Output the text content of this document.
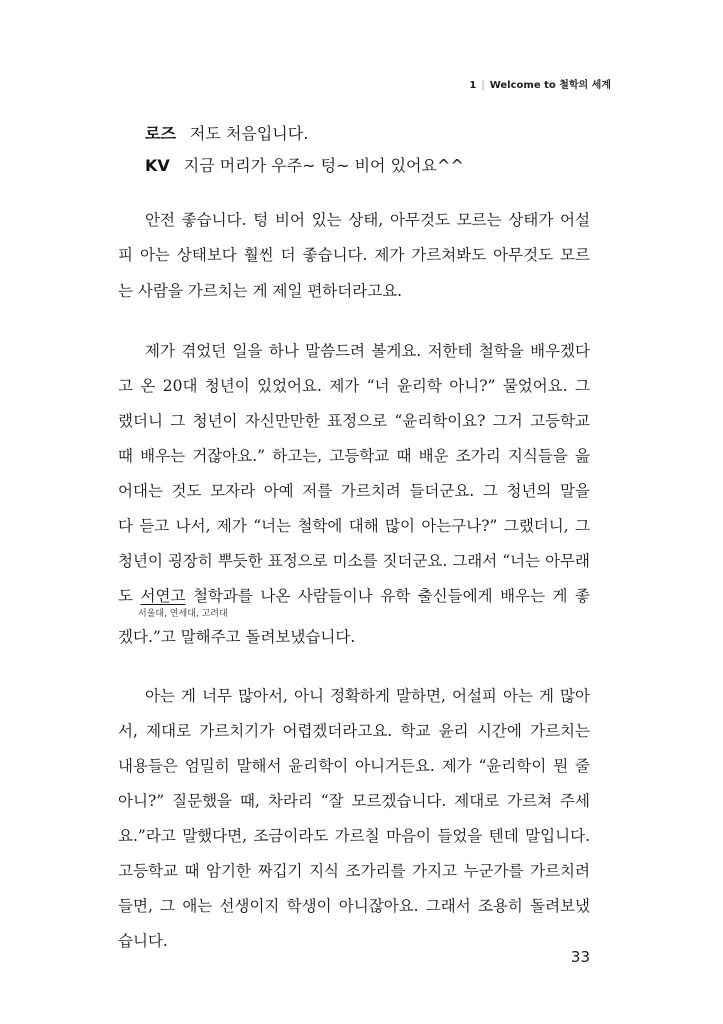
1 | Welcome to 철학의 세계
로즈 저도 처음입니다.
KV 지금 머리가 우주~ 텅~ 비어 있어요^^
안전 좋습니다. 텅 비어 있는 상태, 아무것도 모르는 상태가 어설
피 아는 상태보다 훨씬 더 좋습니다. 제가 가르쳐봐도 아무것도 모르
는 사람을 가르치는 게 제일 편하더라고요.
제가 겪었던 일을 하나 말씀드려 볼게요. 저한테 철학을 배우겠다
고 온 20대 청년이 있었어요. 제가 “너 윤리학 아니?” 물었어요. 그
랬더니 그 청년이 자신만만한 표정으로 “윤리학이요? 그거 고등학교
때 배우는 거잖아요.” 하고는, 고등학교 때 배운 조가리 지식들을 읊
어대는 것도 모자라 아예 저를 가르치려 들더군요. 그 청년의 말을
다 듣고 나서, 제가 “너는 철학에 대해 많이 아는구나?” 그랬더니, 그
청년이 굉장히 뿌듯한 표정으로 미소를 짓더군요. 그래서 “너는 아무래
도 서연고 철학과를 나온 사람들이나 유학 출신들에게 배우는 게 좋
서울대, 연세대, 고려대
겠다.”고 말해주고 돌려보냈습니다.
아는 게 너무 많아서, 아니 정확하게 말하면, 어설피 아는 게 많아
서, 제대로 가르치기가 어렵겠더라고요. 학교 윤리 시간에 가르치는
내용들은 엄밀히 말해서 윤리학이 아니거든요. 제가 “윤리학이 뭔 줄
아니?” 질문했을 때, 차라리 “잘 모르겠습니다. 제대로 가르쳐 주세
요.”라고 말했다면, 조금이라도 가르칠 마음이 들었을 텐데 말입니다.
고등학교 때 암기한 짜깁기 지식 조가리를 가지고 누군가를 가르치려
들면, 그 애는 선생이지 학생이 아니잖아요. 그래서 조용히 돌려보냈
습니다.
33
